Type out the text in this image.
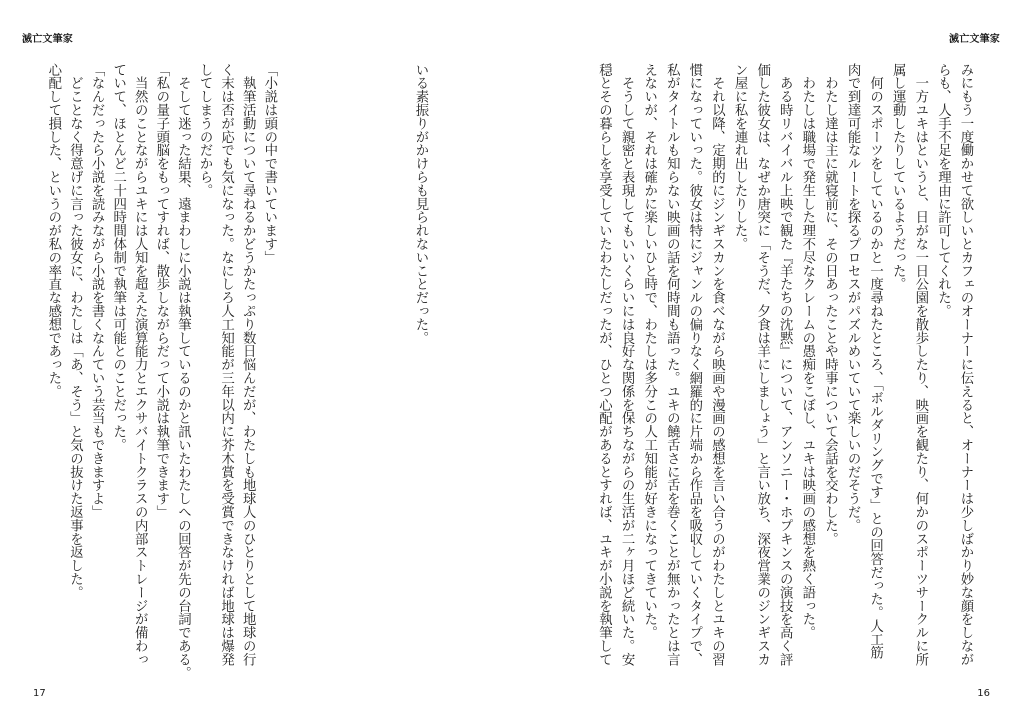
滅亡文筆家
いる素振りがかけらも見られないことだった。
「小説は頭の中で書いています」
　執筆活動について尋ねるかどうかたっぷり数日悩んだが、わたしも地球人のひとりとして地球の行
く末は否が応でも気になった。なにしろ人工知能が三年以内に芥木賞を受賞できなければ地球は爆発
してしまうのだから。
　そして迷った結果、遠まわしに小説は執筆しているのかと訊いたわたしへの回答が先の台詞である。
「私の量子頭脳をもってすれば、散歩しながらだって小説は執筆できます」
　当然のことながらユキには人知を超えた演算能力とエクサバイトクラスの内部ストレージが備わっ
ていて、ほとんど二十四時間体制で執筆は可能とのことだった。
「なんだったら小説を読みながら小説を書くなんていう芸当もできますよ」
　どことなく得意げに言った彼女に、わたしは「あ、そう」と気の抜けた返事を返した。
心配して損した、というのが私の率直な感想であった。
17
滅亡文筆家
みにもう一度働かせて欲しいとカフェのオーナーに伝えると、オーナーは少しばかり妙な顔をしなが
らも、人手不足を理由に許可してくれた。
　一方ユキはというと、日がな一日公園を散歩したり、映画を観たり、何かのスポーツサークルに所
属し運動したりしているようだった。
　何のスポーツをしているのかと一度尋ねたところ、「ボルダリングです」との回答だった。人工筋
肉で到達可能なルートを探るプロセスがパズルめいていて楽しいのだそうだ。
　わたし達は主に就寝前に、その日あったことや時事について会話を交わした。
　わたしは職場で発生した理不尽なクレームの愚痴をこぼし、ユキは映画の感想を熱く語った。
　ある時リバイバル上映で観た『羊たちの沈黙』について、アンソニー・ホプキンスの演技を高く評
価した彼女は、なぜか唐突に「そうだ、夕食は羊にしましょう」と言い放ち、深夜営業のジンギスカ
ン屋に私を連れ出したりした。
　それ以降、定期的にジンギスカンを食べながら映画や漫画の感想を言い合うのがわたしとユキの習
慣になっていった。彼女は特にジャンルの偏りなく網羅的に片端から作品を吸収していくタイプで、
私がタイトルも知らない映画の話を何時間も語った。ユキの饒舌さに舌を巻くことが無かったとは言
えないが、それは確かに楽しいひと時で、わたしは多分この人工知能が好きになってきていた。
　そうして親密と表現してもいいくらいには良好な関係を保ちながらの生活が二ヶ月ほど続いた。安
穏とその暮らしを享受していたわたしだったが、ひとつ心配があるとすれば、ユキが小説を執筆して
16
